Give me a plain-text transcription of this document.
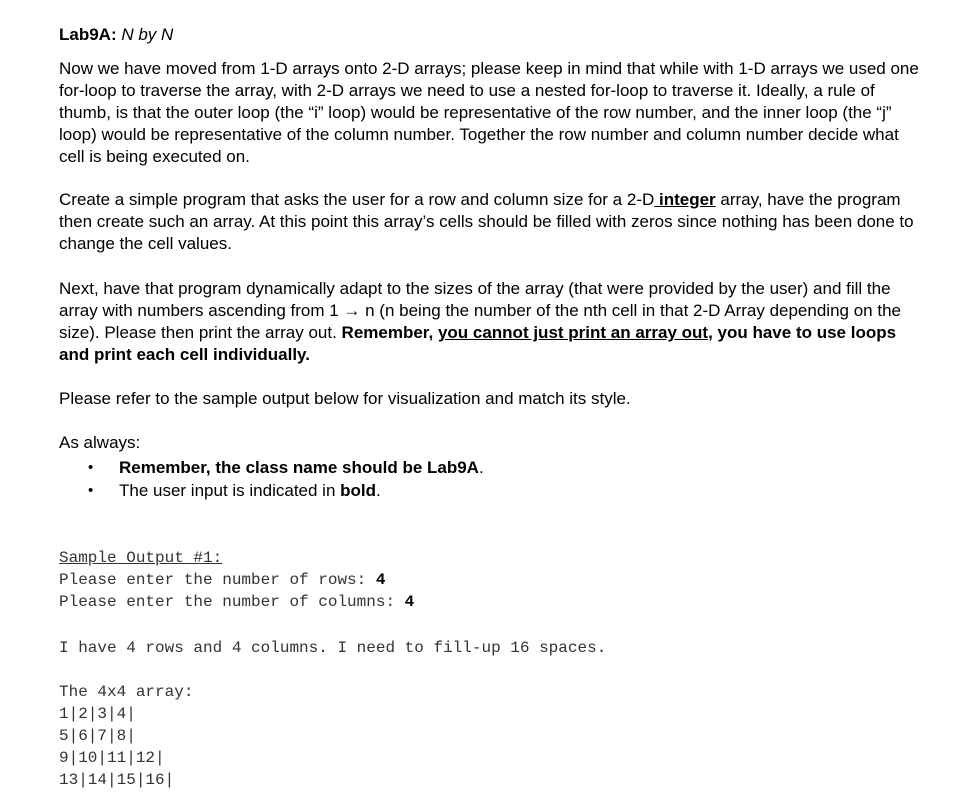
Lab9A: N by N

Now we have moved from 1-D arrays onto 2-D arrays; please keep in mind that while with 1-D arrays we used one for-loop to traverse the array, with 2-D arrays we need to use a nested for-loop to traverse it. Ideally, a rule of thumb, is that the outer loop (the “i” loop) would be representative of the row number, and the inner loop (the “j” loop) would be representative of the column number. Together the row number and column number decide what cell is being executed on.

Create a simple program that asks the user for a row and column size for a 2-D integer array, have the program then create such an array. At this point this array’s cells should be filled with zeros since nothing has been done to change the cell values.

Next, have that program dynamically adapt to the sizes of the array (that were provided by the user) and fill the array with numbers ascending from 1 → n (n being the number of the nth cell in that 2-D Array depending on the size). Please then print the array out. Remember, you cannot just print an array out, you have to use loops and print each cell individually.

Please refer to the sample output below for visualization and match its style.

As always:

• Remember, the class name should be Lab9A.
• The user input is indicated in bold.
Sample Output #1:
Please enter the number of rows: 4
Please enter the number of columns: 4
I have 4 rows and 4 columns. I need to fill-up 16 spaces.
The 4x4 array:
1|2|3|4|
5|6|7|8|
9|10|11|12|
13|14|15|16|
